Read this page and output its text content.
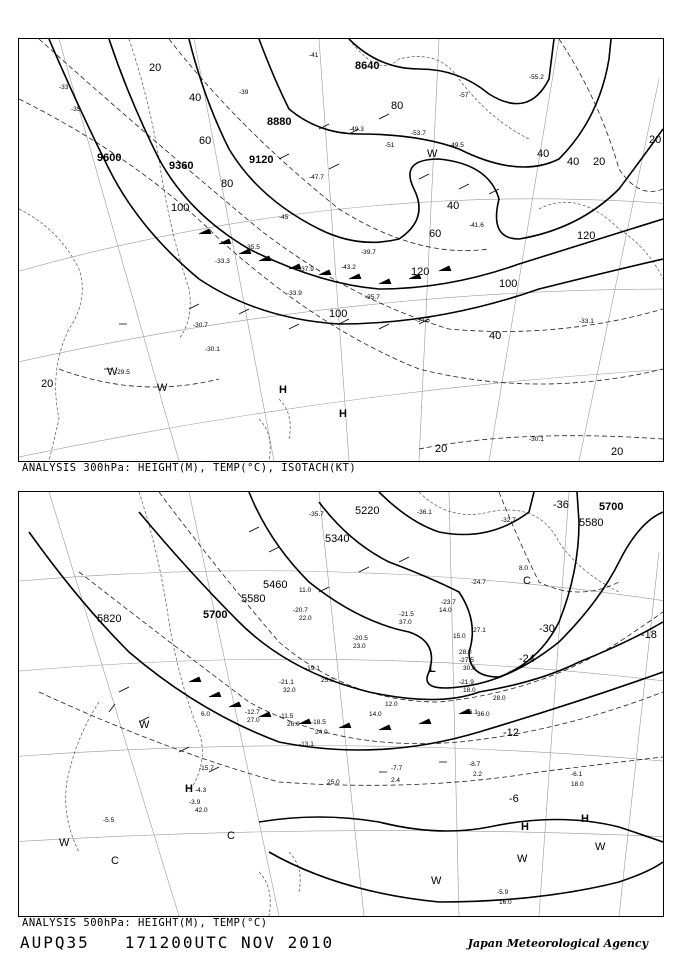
9600
9360	9120
8880
8640
20
40
60
80
100
120
100
40
20
20
40
60
80
40
20
40
20
120
100
20
H
H
W
W
W
-33
-35
-39
-41
-45
-47.7
-49.3
-51
-53.7
-57
-37.9
-30.7
-30.1
-29.5
-33.1
-34.5
-35.5
-39.7
-41.6
-43.2
-55.2
-49.5
-30.1
-33.9
-33.3
-35.7
ANALYSIS 300hPa: HEIGHT(M), TEMP(°C), ISOTACH(KT)
5820	5700
5580
5460
5340
5220	5700
5580
-36
-30
-24
-18
-12
-6
H
H
H
L
W
W
W
W
W
C
C
C
-36.1
-32.7
-35.7
-27.1
-24.7
-21.9
-23.7
-20.7
-27.5
-21.5
-16.1
-13.1
-15.7
-12.7
-11.5
-8.7
-6.1
-5.9
-4.3
-3.9
-7.7
-5.5
-20.5
-18.5
-21.1
-19.1
8.0
14.0
15.0
28.0
30.0
18.0
22.0
25.0
32.0
42.0
2.2
2.4
18.0
16.0
11.0
37.0
23.0
6.0
27.0
26.0
24.0
25.0
14.0
12.0
28.0
36.0
ANALYSIS 500hPa: HEIGHT(M), TEMP(°C)
AUPQ35 171200UTC NOV 2010	Japan Meteorological Agency
